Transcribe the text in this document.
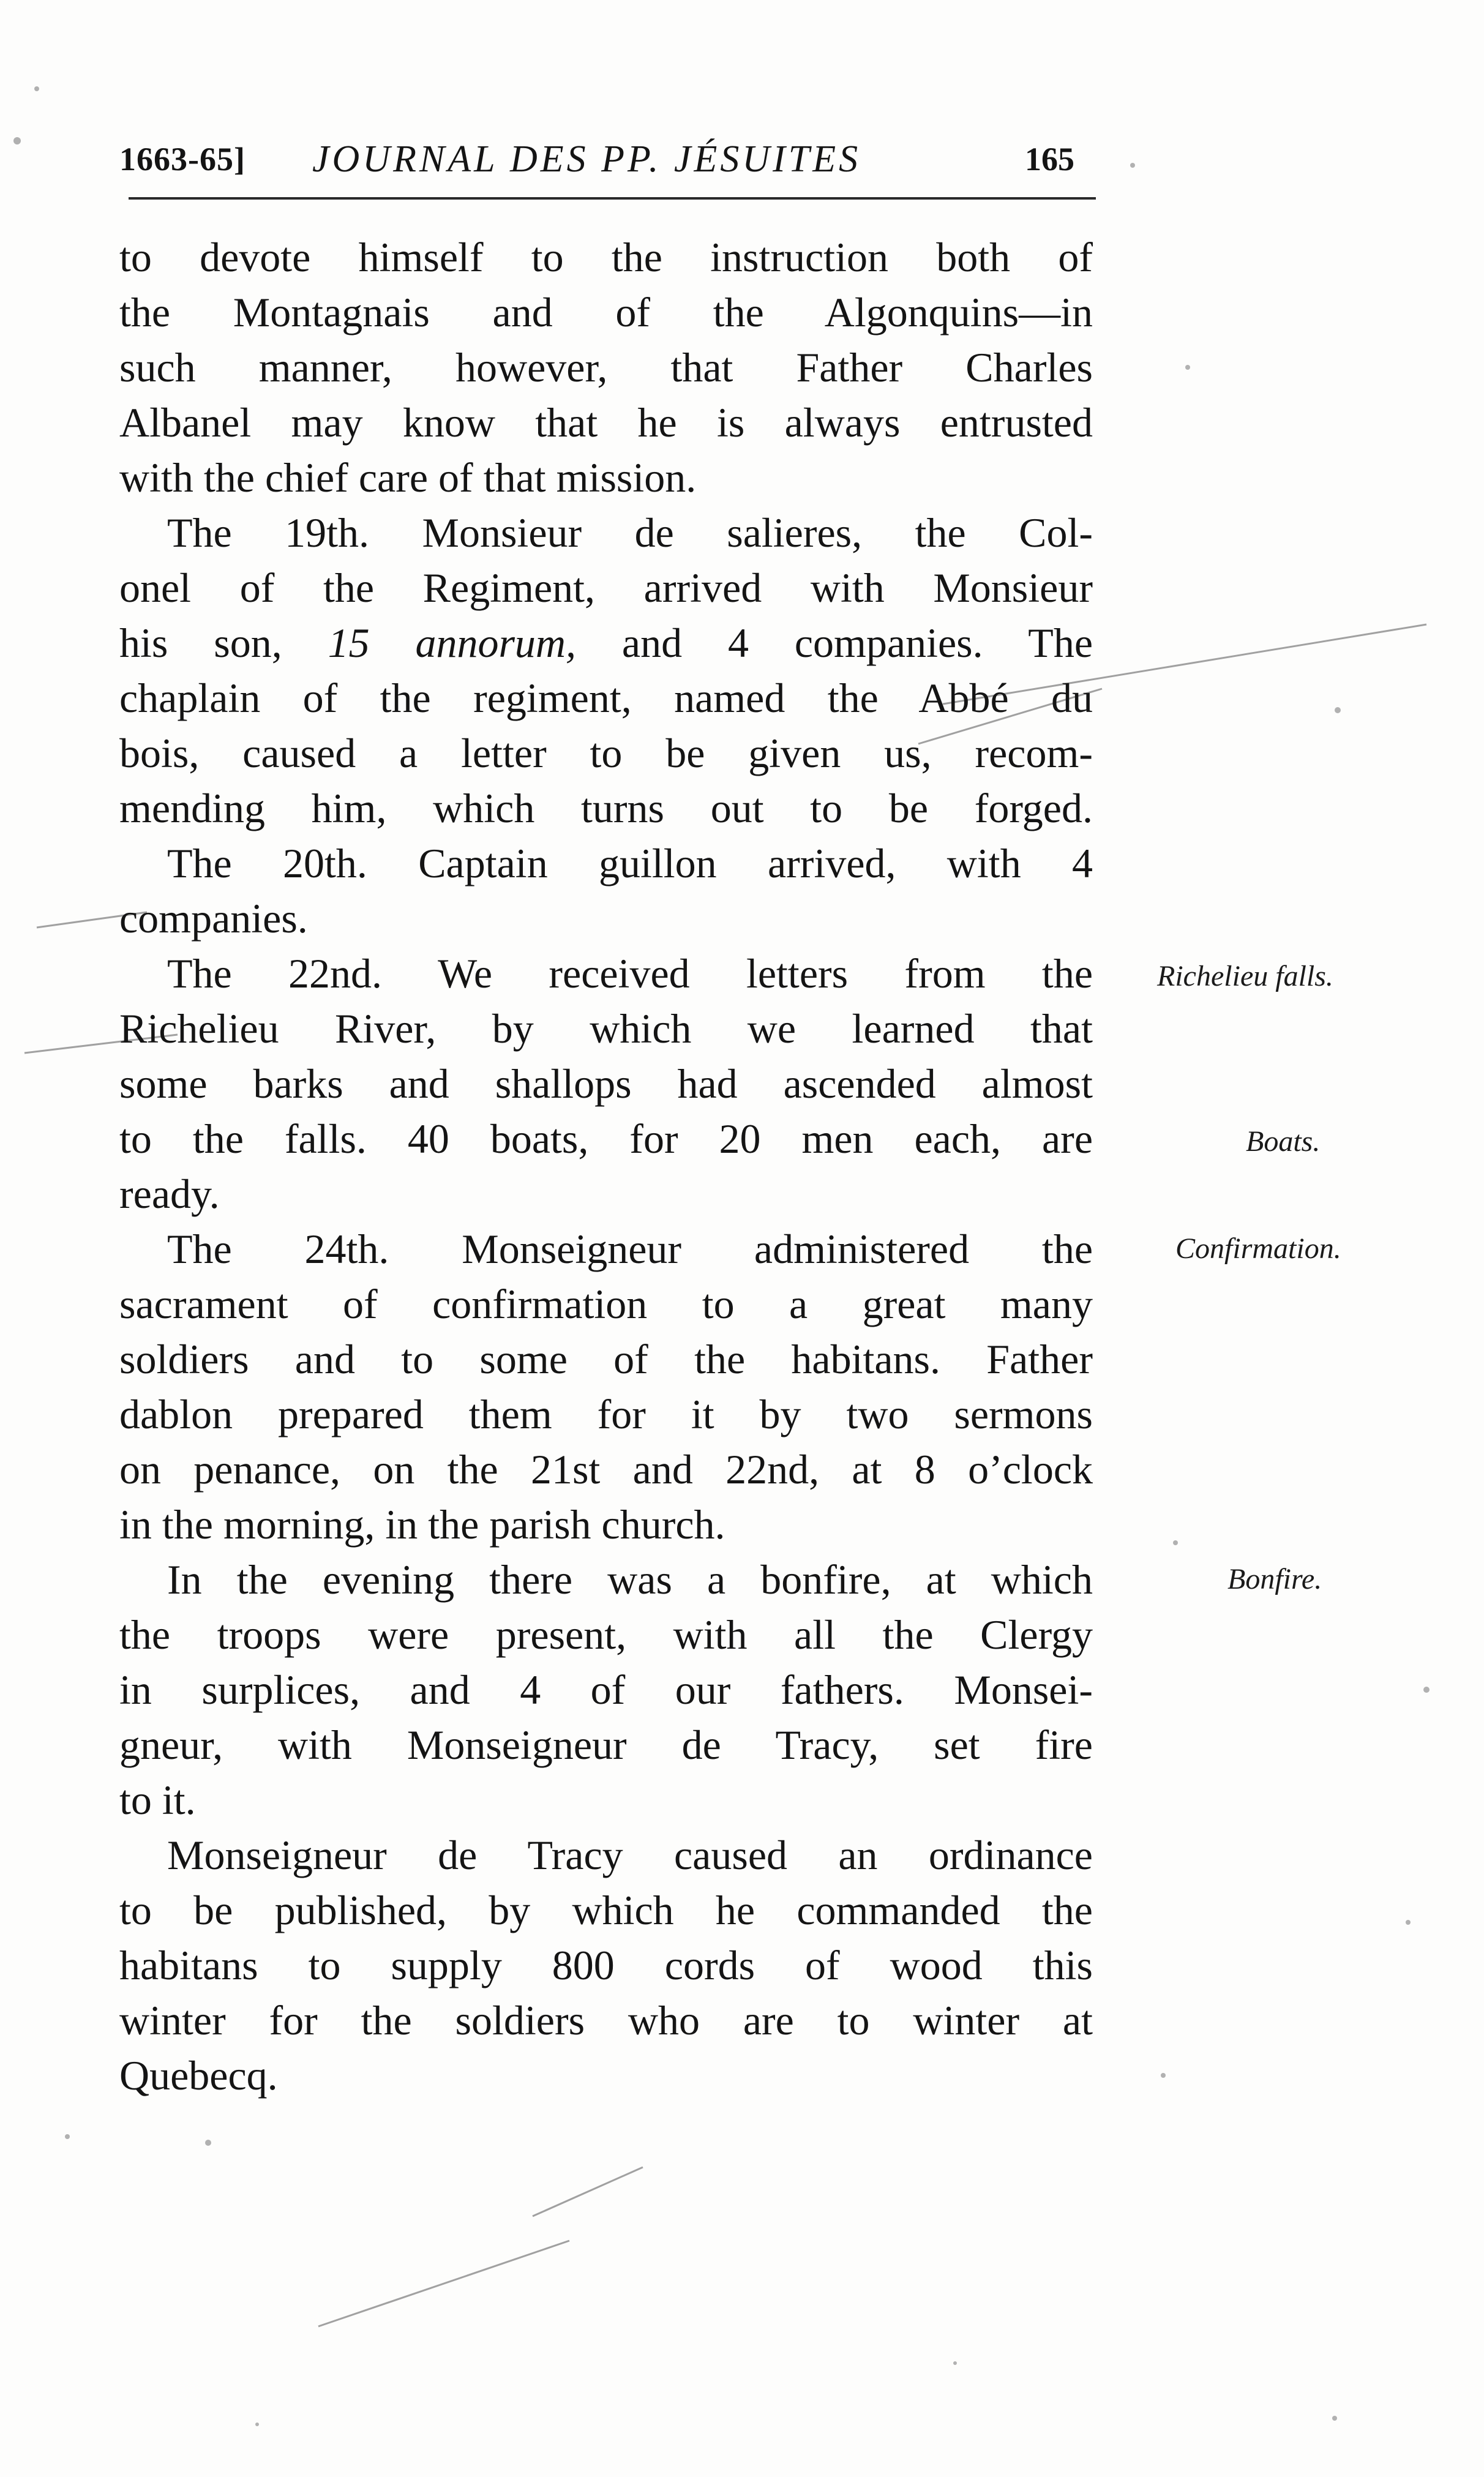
1663-65] JOURNAL DES PP. JÉSUITES	165
to devote himself to the instruction both of
the Montagnais and of the Algonquins—in
such manner, however, that Father Charles
Albanel may know that he is always entrusted
with the chief care of that mission.
The 19th. Monsieur de salieres, the Col-
onel of the Regiment, arrived with Monsieur
his son, 15 annorum, and 4 companies. The
chaplain of the regiment, named the Abbé du
bois, caused a letter to be given us, recom-
mending him, which turns out to be forged.
The 20th. Captain guillon arrived, with 4
companies.
The 22nd. We received letters from the
Richelieu River, by which we learned that
some barks and shallops had ascended almost
to the falls. 40 boats, for 20 men each, are
ready.
The 24th. Monseigneur administered the
sacrament of confirmation to a great many
soldiers and to some of the habitans. Father
dablon prepared them for it by two sermons
on penance, on the 21st and 22nd, at 8 o’clock
in the morning, in the parish church.
In the evening there was a bonfire, at which
the troops were present, with all the Clergy
in surplices, and 4 of our fathers. Monsei-
gneur, with Monseigneur de Tracy, set fire
to it.
Monseigneur de Tracy caused an ordinance
to be published, by which he commanded the
habitans to supply 800 cords of wood this
winter for the soldiers who are to winter at
Quebecq.
Richelieu falls.
Boats.
Confirmation.
Bonfire.
